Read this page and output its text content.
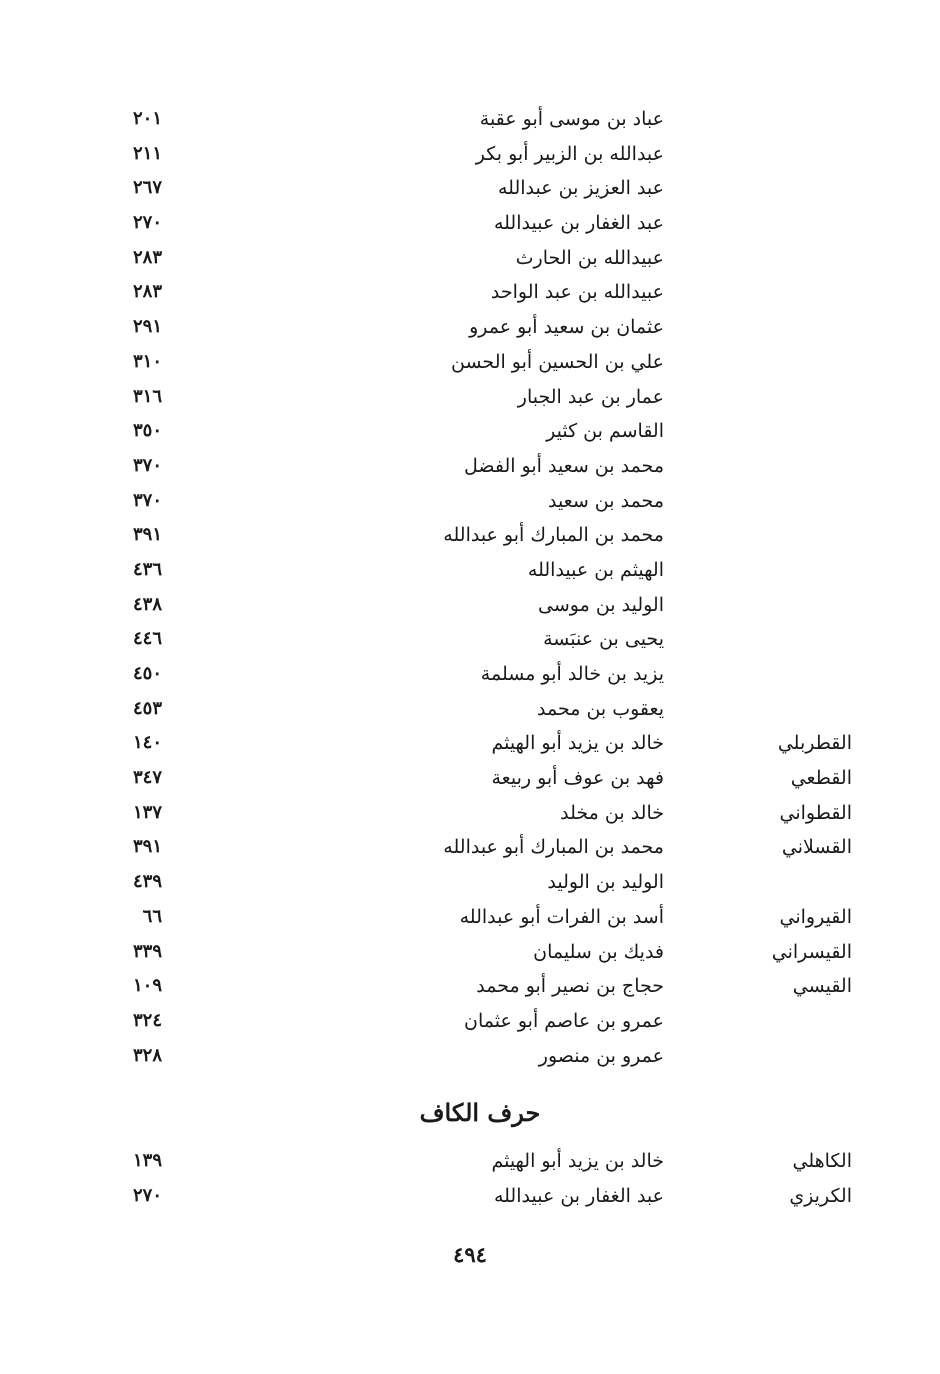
عباد بن موسى أبو عقبة
٢٠١
عبدالله بن الزبير أبو بكر
٢١١
عبد العزيز بن عبدالله
٢٦٧
عبد الغفار بن عبيدالله
٢٧٠
عبيدالله بن الحارث
٢٨٣
عبيدالله بن عبد الواحد
٢٨٣
عثمان بن سعيد أبو عمرو
٢٩١
علي بن الحسين أبو الحسن
٣١٠
عمار بن عبد الجبار
٣١٦
القاسم بن كثير
٣٥٠
محمد بن سعيد أبو الفضل
٣٧٠
محمد بن سعيد
٣٧٠
محمد بن المبارك أبو عبدالله
٣٩١
الهيثم بن عبيدالله
٤٣٦
الوليد بن موسى
٤٣٨
يحيى بن عنبَسة
٤٤٦
يزيد بن خالد أبو مسلمة
٤٥٠
يعقوب بن محمد
٤٥٣
القطربلي
خالد بن يزيد أبو الهيثم
١٤٠
القطعي
فهد بن عوف أبو ربيعة
٣٤٧
القطواني
خالد بن مخلد
١٣٧
القسلاني
محمد بن المبارك أبو عبدالله
٣٩١
الوليد بن الوليد
٤٣٩
القيرواني
أسد بن الفرات أبو عبدالله
٦٦
القيسراني
فديك بن سليمان
٣٣٩
القيسي
حجاج بن نصير أبو محمد
١٠٩
عمرو بن عاصم أبو عثمان
٣٢٤
عمرو بن منصور
٣٢٨
حرف الكاف
الكاهلي
خالد بن يزيد أبو الهيثم
١٣٩
الكريزي
عبد الغفار بن عبيدالله
٢٧٠
٤٩٤
